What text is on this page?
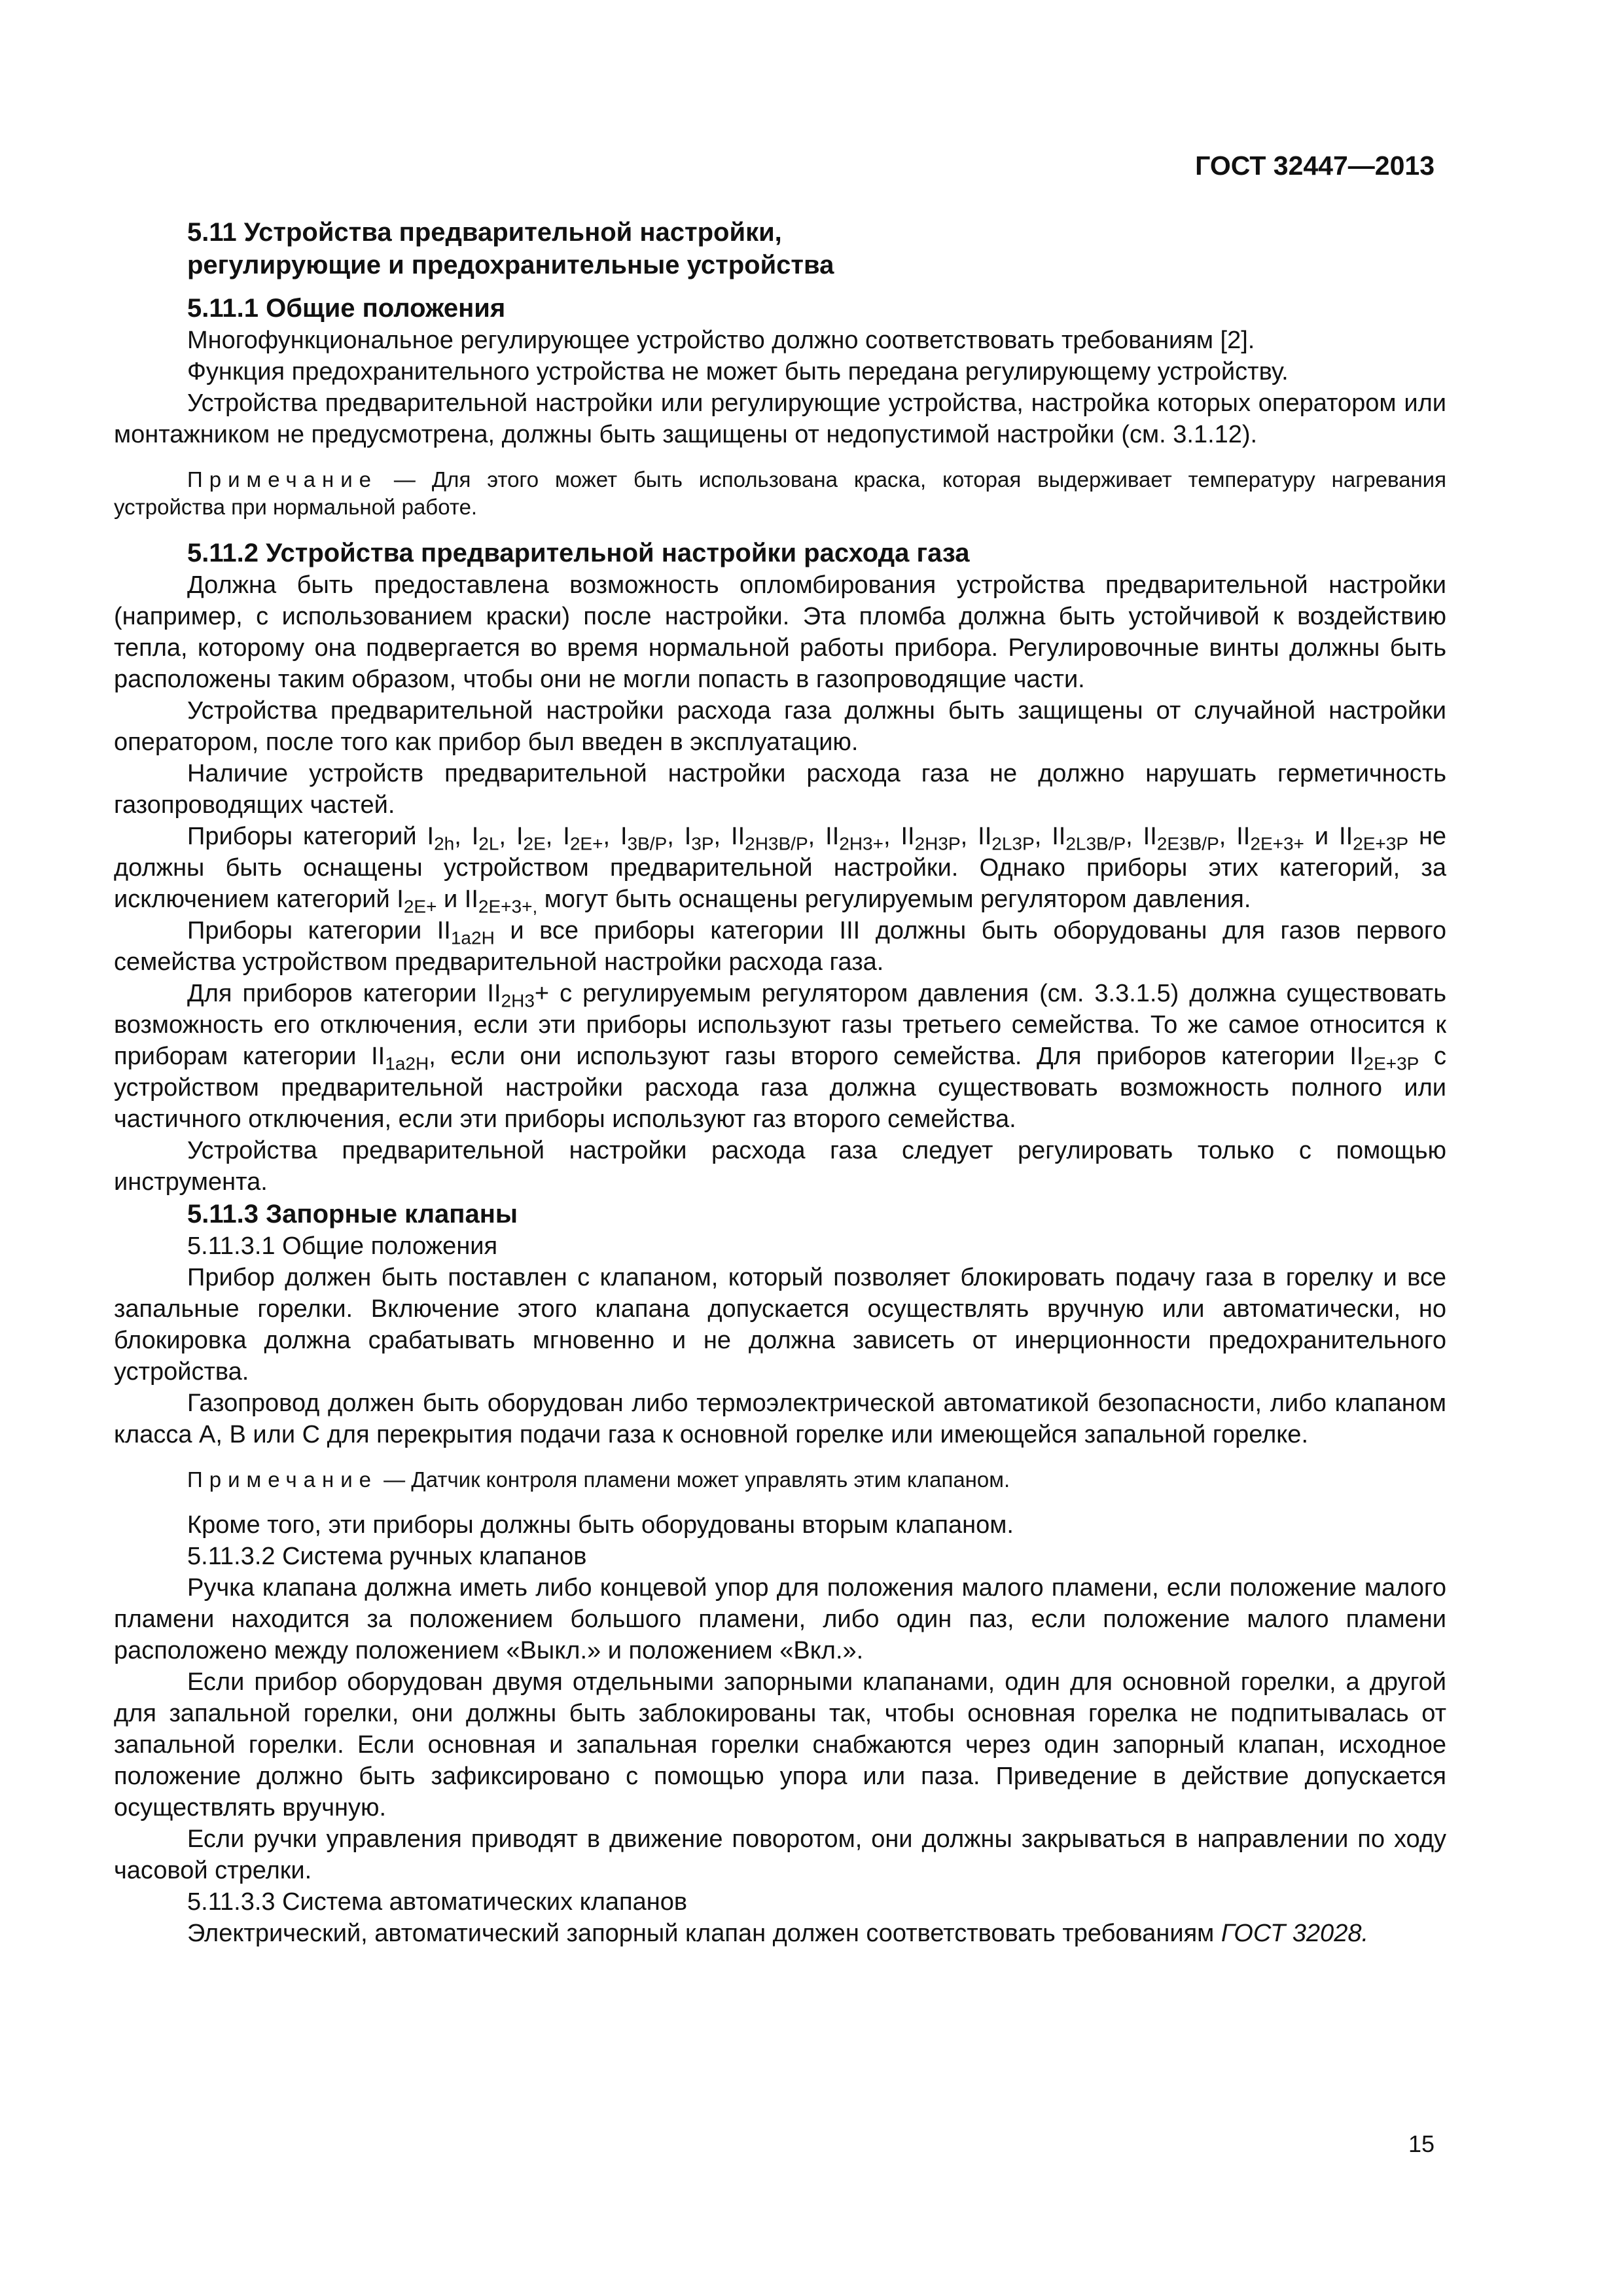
ГОСТ 32447—2013

5.11 Устройства предварительной настройки,

регулирующие и предохранительные устройства

5.11.1 Общие положения

Многофункциональное регулирующее устройство должно соответствовать требованиям [2].

Функция предохранительного устройства не может быть передана регулирующему устройству.

Устройства предварительной настройки или регулирующие устройства, настройка которых оператором или монтажником не предусмотрена, должны быть защищены от недопустимой настройки (см. 3.1.12).

Примечание — Для этого может быть использована краска, которая выдерживает температуру нагревания устройства при нормальной работе.

5.11.2 Устройства предварительной настройки расхода газа

Должна быть предоставлена возможность опломбирования устройства предварительной настройки (например, с использованием краски) после настройки. Эта пломба должна быть устойчивой к воздействию тепла, которому она подвергается во время нормальной работы прибора. Регулировочные винты должны быть расположены таким образом, чтобы они не могли попасть в газопроводящие части.

Устройства предварительной настройки расхода газа должны быть защищены от случайной настройки оператором, после того как прибор был введен в эксплуатацию.

Наличие устройств предварительной настройки расхода газа не должно нарушать герметичность газопроводящих частей.

Приборы категорий $I_{2h}$, $I_{2L}$, $I_{2E}$, $I_{2E+}$, $I_{3B/P}$, $I_{3P}$, $II_{2H3B/P}$, $II_{2H3+}$, $II_{2H3P}$, $II_{2L3P}$, $II_{2L3B/P}$, $II_{2E3B/P}$, $II_{2E+3+}$ и $II_{2E+3P}$ не должны быть оснащены устройством предварительной настройки. Однако приборы этих категорий, за исключением категорий $I_{2E+}$ и $II_{2E+3+,}$ могут быть оснащены регулируемым регулятором давления.

Приборы категории $II_{1a2H}$ и все приборы категории III должны быть оборудованы для газов первого семейства устройством предварительной настройки расхода газа.

Для приборов категории $II_{2H3}+ с$ регулируемым регулятором давления (см. 3.3.1.5) должна существовать возможность его отключения, если эти приборы используют газы третьего семейства. То же самое относится к приборам категории $II_{1a2H}$, если они используют газы второго семейства. Для приборов категории $II_{2E+3P}$ с устройством предварительной настройки расхода газа должна существовать возможность полного или частичного отключения, если эти приборы используют газ второго семейства.

Устройства предварительной настройки расхода газа следует регулировать только с помощью инструмента.

5.11.3 Запорные клапаны

5.11.3.1 Общие положения

Прибор должен быть поставлен с клапаном, который позволяет блокировать подачу газа в горелку и все запальные горелки. Включение этого клапана допускается осуществлять вручную или автоматически, но блокировка должна срабатывать мгновенно и не должна зависеть от инерционности предохранительного устройства.

Газопровод должен быть оборудован либо термоэлектрической автоматикой безопасности, либо клапаном класса А, В или С для перекрытия подачи газа к основной горелке или имеющейся запальной горелке.

Примечание — Датчик контроля пламени может управлять этим клапаном.

Кроме того, эти приборы должны быть оборудованы вторым клапаном.

5.11.3.2 Система ручных клапанов

Ручка клапана должна иметь либо концевой упор для положения малого пламени, если положение малого пламени находится за положением большого пламени, либо один паз, если положение малого пламени расположено между положением «Выкл.» и положением «Вкл.».

Если прибор оборудован двумя отдельными запорными клапанами, один для основной горелки, а другой для запальной горелки, они должны быть заблокированы так, чтобы основная горелка не подпитывалась от запальной горелки. Если основная и запальная горелки снабжаются через один запорный клапан, исходное положение должно быть зафиксировано с помощью упора или паза. Приведение в действие допускается осуществлять вручную.

Если ручки управления приводят в движение поворотом, они должны закрываться в направлении по ходу часовой стрелки.

5.11.3.3 Система автоматических клапанов

Электрический, автоматический запорный клапан должен соответствовать требованиям ГОСТ 32028.

15
